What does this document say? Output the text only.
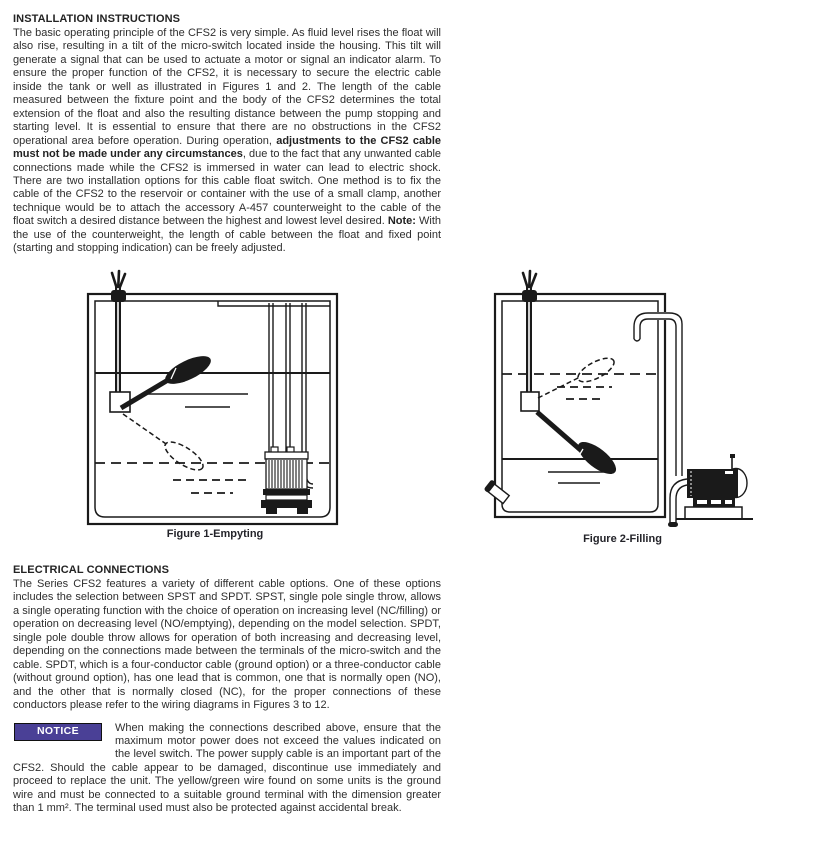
INSTALLATION INSTRUCTIONS

The basic operating principle of the CFS2 is very simple. As fluid level rises the float will also rise, resulting in a tilt of the micro-switch located inside the housing. This tilt will generate a signal that can be used to actuate a motor or signal an indicator alarm. To ensure the proper function of the CFS2, it is necessary to secure the electric cable inside the tank or well as illustrated in Figures 1 and 2. The length of the cable measured between the fixture point and the body of the CFS2 determines the total extension of the float and also the resulting distance between the pump stopping and starting level. It is essential to ensure that there are no obstructions in the CFS2 operational area before operation. During operation, adjustments to the CFS2 cable must not be made under any circumstances, due to the fact that any unwanted cable connections made while the CFS2 is immersed in water can lead to electric shock. There are two installation options for this cable float switch. One method is to fix the cable of the CFS2 to the reservoir or container with the use of a small clamp, another technique would be to attach the accessory A-457 counterweight to the cable of the float switch a desired distance between the highest and lowest level desired. Note: With the use of the counterweight, the length of cable between the float and fixed point (starting and stopping indication) can be freely adjusted.

Figure 1-Empyting	Figure 2-Filling
ELECTRICAL CONNECTIONS

The Series CFS2 features a variety of different cable options. One of these options includes the selection between SPST and SPDT. SPST, single pole single throw, allows a single operating function with the choice of operation on increasing level (NC/filling) or operation on decreasing level (NO/emptying), depending on the model selection. SPDT, single pole double throw allows for operation of both increasing and decreasing level, depending on the connections made between the terminals of the micro-switch and the cable. SPDT, which is a four-conductor cable (ground option) or a three-conductor cable (without ground option), has one lead that is common, one that is normally open (NO), and the other that is normally closed (NC), for the proper connections of these conductors please refer to the wiring diagrams in Figures 3 to 12.

NOTICE	When making the connections described above, ensure that the maximum motor power does not exceed the values indicated on the level switch. The power supply cable is an important part of the CFS2. Should the cable appear to be damaged, discontinue use immediately and proceed to replace the unit. The yellow/green wire found on some units is the ground wire and must be connected to a suitable ground terminal with the dimension greater than 1 mm². The terminal used must also be protected against accidental break.
